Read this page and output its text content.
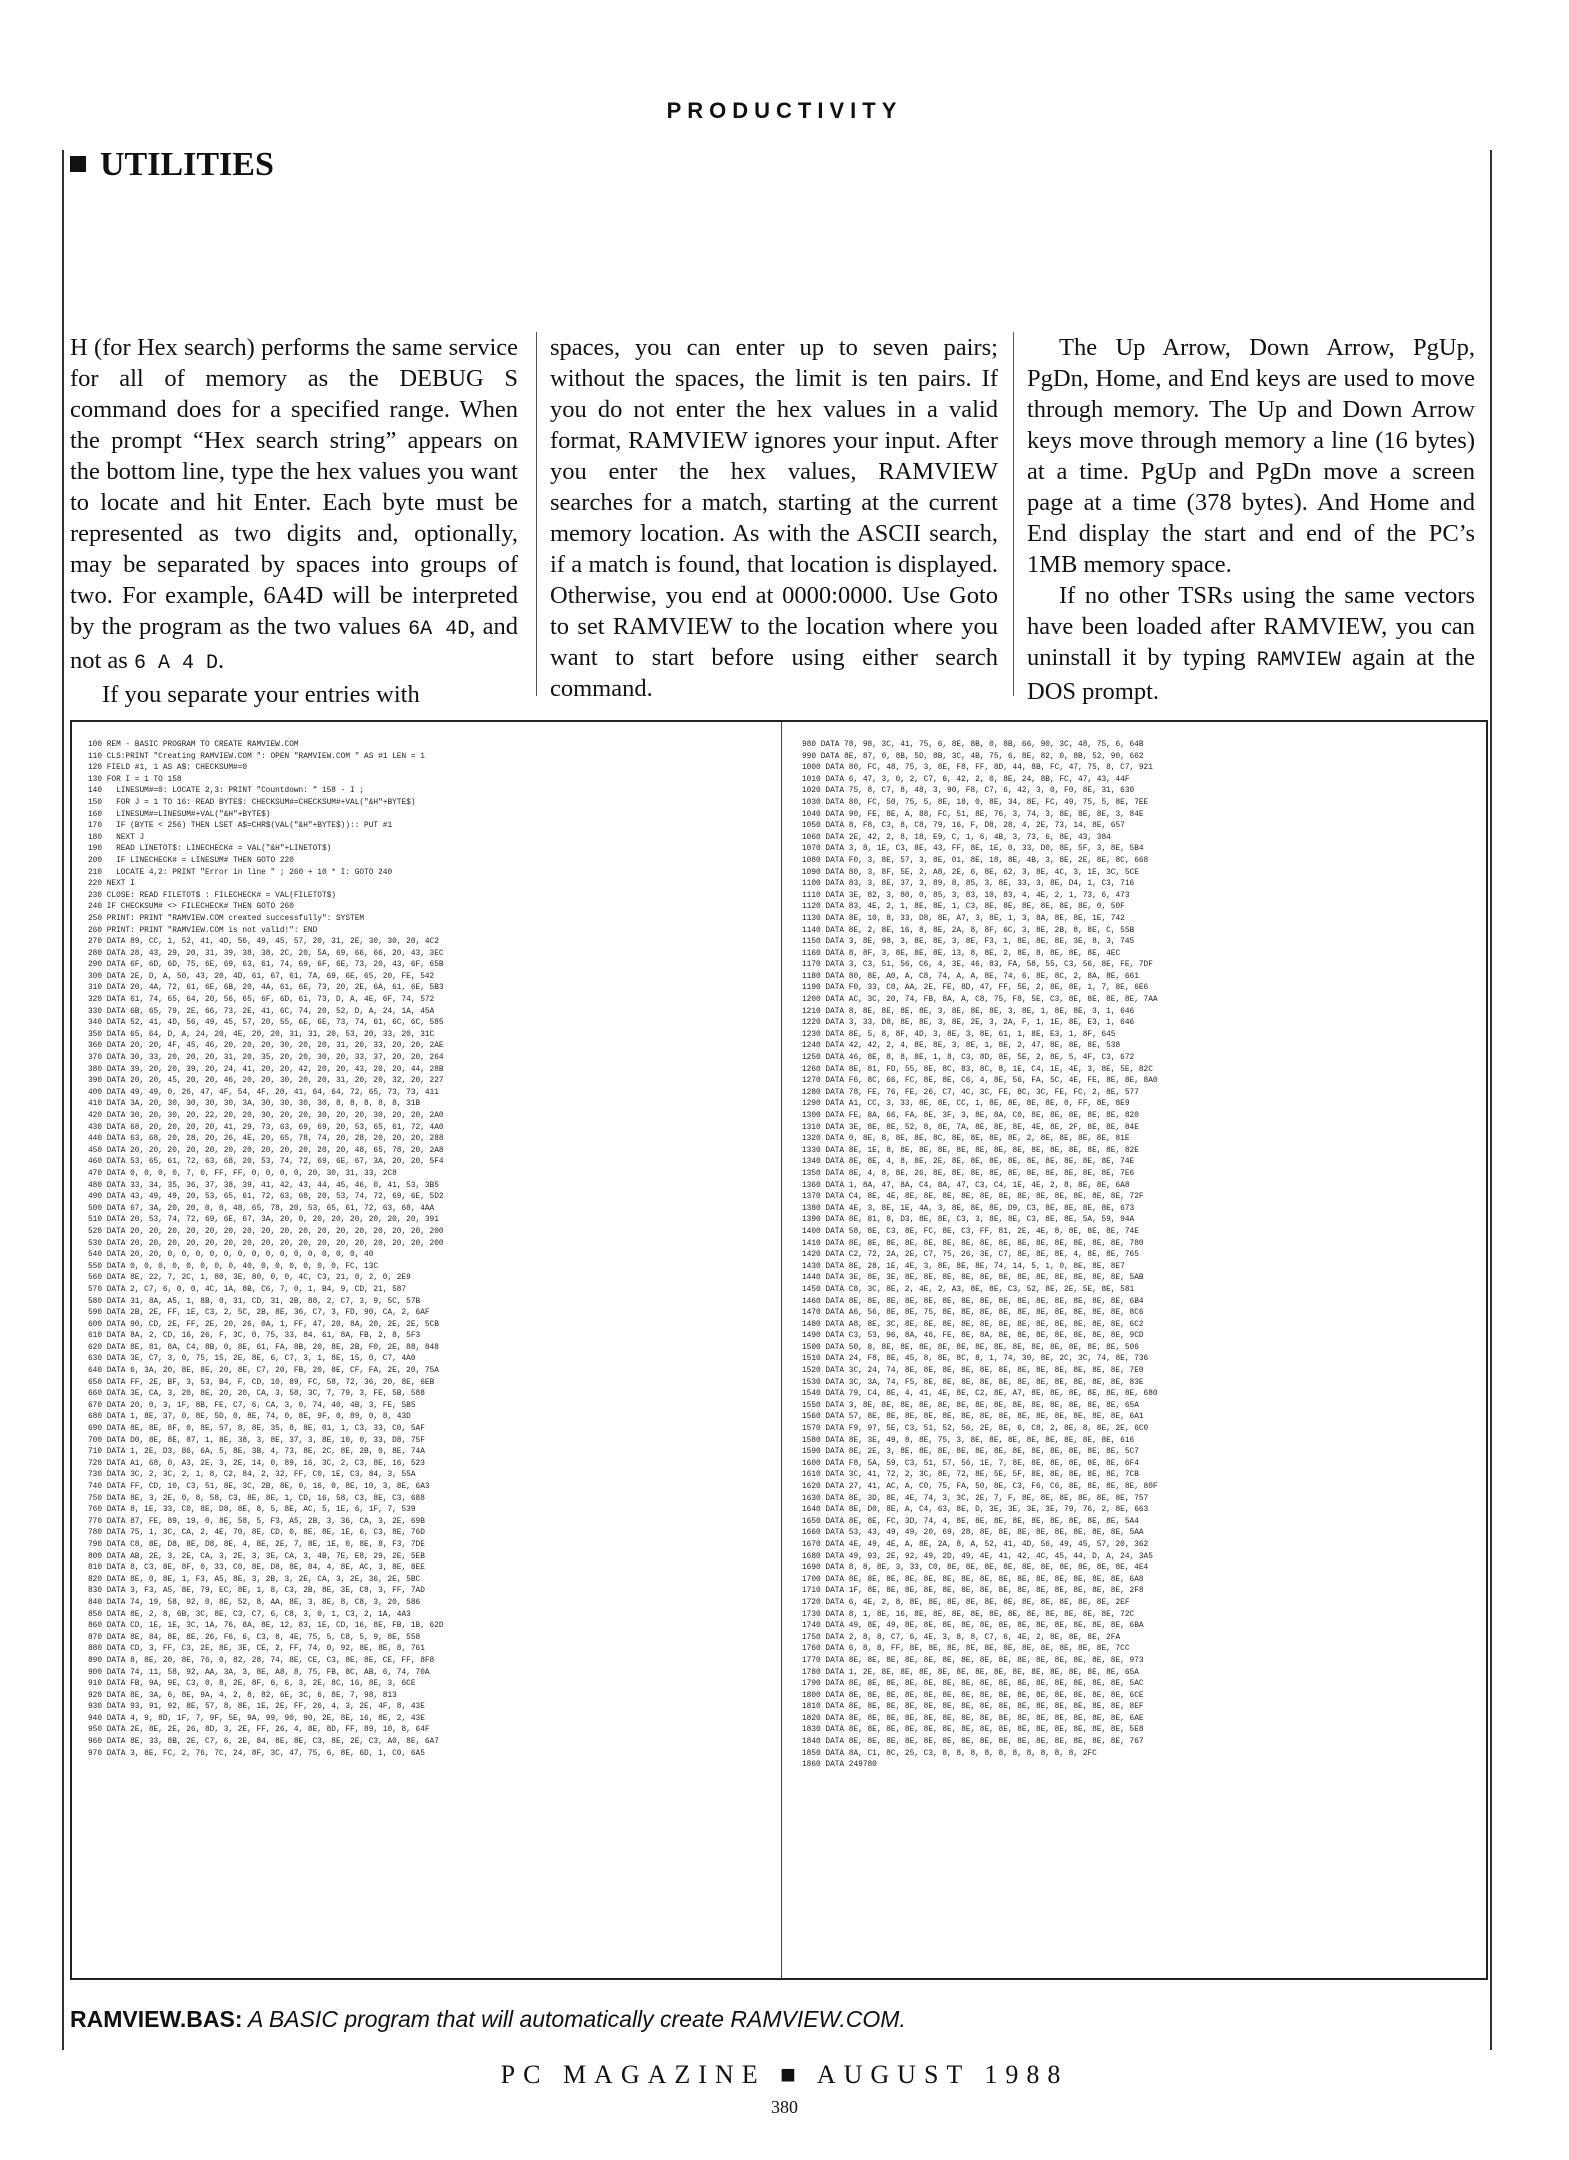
PRODUCTIVITY
UTILITIES

H (for Hex search) performs the same service for all of memory as the DEBUG S command does for a specified range. When the prompt “Hex search string” appears on the bottom line, type the hex values you want to locate and hit Enter. Each byte must be represented as two digits and, optionally, may be separated by spaces into groups of two. For example, 6A4D will be interpreted by the program as the two values 6A 4D, and not as 6 A 4 D.

If you separate your entries with

spaces, you can enter up to seven pairs; without the spaces, the limit is ten pairs. If you do not enter the hex values in a valid format, RAMVIEW ignores your input. After you enter the hex values, RAMVIEW searches for a match, starting at the current memory location. As with the ASCII search, if a match is found, that location is displayed. Otherwise, you end at 0000:0000. Use Goto to set RAMVIEW to the location where you want to start before using either search command.

The Up Arrow, Down Arrow, PgUp, PgDn, Home, and End keys are used to move through memory. The Up and Down Arrow keys move through memory a line (16 bytes) at a time. PgUp and PgDn move a screen page at a time (378 bytes). And Home and End display the start and end of the PC’s 1MB memory space.

If no other TSRs using the same vectors have been loaded after RAMVIEW, you can uninstall it by typing RAMVIEW again at the DOS prompt.

100 REM - BASIC PROGRAM TO CREATE RAMVIEW.COM
110 CLS:PRINT "Creating RAMVIEW.COM ": OPEN "RAMVIEW.COM " AS #1 LEN = 1
120 FIELD #1, 1 AS A$: CHECKSUM#=0
130 FOR I = 1 TO 158
140   LINESUM#=0: LOCATE 2,3: PRINT "Countdown: " 158 - I ;
150   FOR J = 1 TO 16: READ BYTE$: CHECKSUM#=CHECKSUM#+VAL("&H"+BYTE$)
160   LINESUM#=LINESUM#+VAL("&H"+BYTE$)
170   IF (BYTE < 256) THEN LSET A$=CHR$(VAL("&H"+BYTE$)):: PUT #1
180   NEXT J
190   READ LINETOT$: LINECHECK# = VAL("&H"+LINETOT$)
200   IF LINECHECK# = LINESUM# THEN GOTO 220
210   LOCATE 4,2: PRINT "Error in line " ; 260 + 10 * I: GOTO 240
220 NEXT I
230 CLOSE: READ FILETOT$ : FILECHECK# = VAL(FILETOT$)
240 IF CHECKSUM# <> FILECHECK# THEN GOTO 260
250 PRINT: PRINT "RAMVIEW.COM created successfully": SYSTEM
260 PRINT: PRINT "RAMVIEW.COM is not valid!": END
270 DATA 89, CC, 1, 52, 41, 4D, 56, 49, 45, 57, 20, 31, 2E, 30, 30, 20, 4C2
280 DATA 28, 43, 29, 20, 31, 39, 38, 38, 2C, 20, 5A, 69, 66, 66, 20, 43, 3EC
290 DATA 6F, 6D, 6D, 75, 6E, 69, 63, 61, 74, 69, 6F, 6E, 73, 20, 43, 6F, 65B
300 DATA 2E, D, A, 50, 43, 20, 4D, 61, 67, 61, 7A, 69, 6E, 65, 20, FE, 542
310 DATA 20, 4A, 72, 61, 6E, 6B, 20, 4A, 61, 6E, 73, 20, 2E, 6A, 61, 6E, 5B3
320 DATA 61, 74, 65, 64, 20, 56, 65, 6F, 6D, 61, 73, D, A, 4E, 6F, 74, 572
330 DATA 6B, 65, 79, 2E, 66, 73, 2E, 41, 6C, 74, 20, 52, D, A, 24, 1A, 45A
340 DATA 52, 41, 4D, 56, 49, 45, 57, 20, 55, 6E, 6E, 73, 74, 61, 6C, 6C, 585
350 DATA 65, 64, D, A, 24, 20, 4E, 20, 20, 31, 31, 20, 53, 20, 33, 20, 31C
360 DATA 20, 20, 4F, 45, 46, 20, 20, 20, 30, 20, 20, 31, 20, 33, 20, 20, 2AE
370 DATA 30, 33, 20, 20, 20, 31, 20, 35, 20, 20, 30, 20, 33, 37, 20, 20, 264
380 DATA 39, 20, 20, 39, 20, 24, 41, 20, 20, 42, 20, 20, 43, 20, 20, 44, 28B
390 DATA 20, 20, 45, 20, 20, 46, 20, 20, 30, 20, 20, 31, 20, 20, 32, 20, 227
400 DATA 49, 49, 0, 26, 47, 4F, 54, 4F, 20, 41, 64, 64, 72, 65, 73, 73, 411
410 DATA 3A, 20, 30, 30, 30, 30, 3A, 30, 30, 30, 30, 8, 8, 8, 8, 8, 31B
420 DATA 30, 20, 30, 20, 22, 20, 20, 30, 20, 20, 30, 20, 20, 30, 20, 20, 2A0
430 DATA 68, 20, 20, 20, 20, 41, 29, 73, 63, 69, 69, 20, 53, 65, 61, 72, 4A0
440 DATA 63, 68, 20, 28, 20, 26, 4E, 20, 65, 78, 74, 20, 28, 20, 20, 20, 288
450 DATA 20, 20, 20, 20, 20, 20, 20, 20, 20, 20, 20, 20, 48, 65, 78, 20, 2A8
460 DATA 53, 65, 61, 72, 63, 68, 20, 53, 74, 72, 69, 6E, 67, 3A, 20, 20, 5F4
470 DATA 0, 0, 0, 0, 7, 0, FF, FF, 0, 0, 0, 0, 20, 30, 31, 33, 2C8
480 DATA 33, 34, 35, 36, 37, 38, 39, 41, 42, 43, 44, 45, 46, 0, 41, 53, 3B5
490 DATA 43, 49, 49, 20, 53, 65, 61, 72, 63, 68, 20, 53, 74, 72, 69, 6E, 5D2
500 DATA 67, 3A, 20, 20, 0, 0, 48, 65, 78, 20, 53, 65, 61, 72, 63, 68, 4AA
510 DATA 20, 53, 74, 72, 69, 6E, 67, 3A, 20, 0, 20, 20, 20, 20, 20, 20, 391
520 DATA 20, 20, 20, 20, 20, 20, 20, 20, 20, 20, 20, 20, 20, 20, 20, 20, 200
530 DATA 20, 20, 20, 20, 20, 20, 20, 20, 20, 20, 20, 20, 20, 20, 20, 20, 200
540 DATA 20, 20, 0, 0, 0, 0, 0, 0, 0, 0, 0, 0, 0, 0, 0, 0, 40
550 DATA 0, 0, 0, 0, 0, 0, 0, 0, 40, 0, 0, 0, 0, 0, 0, FC, 13C
560 DATA 8E, 22, 7, 2C, 1, 80, 3E, 80, 0, 0, 4C, C3, 21, 0, 2, 0, 2E9
570 DATA 2, C7, 6, 0, 0, 4C, 1A, 8B, C6, 7, 0, 1, B4, 9, CD, 21, 587
580 DATA 31, 8A, A5, 1, 8B, 0, 31, CD, 31, 2B, 88, 2, C7, 3, 9, 5C, 57B
590 DATA 2B, 2E, FF, 1E, C3, 2, 5C, 2B, 8E, 36, C7, 3, FD, 90, CA, 2, 6AF
600 DATA 90, CD, 2E, FF, 2E, 20, 26, 0A, 1, FF, 47, 20, 8A, 20, 2E, 2E, 5CB
610 DATA 8A, 2, CD, 16, 26, F, 3C, 0, 75, 33, 84, 61, 8A, FB, 2, 8, 5F3
620 DATA 8E, 81, 8A, C4, 8B, 0, 8E, 61, FA, 8B, 20, 8E, 2B, F0, 2E, 88, 848
630 DATA 3E, C7, 3, 0, 75, 15, 2E, 8E, 6, C7, 3, 1, 8E, 15, 0, C7, 4A0
640 DATA 6, 3A, 20, 8E, 8E, 20, 8E, C7, 20, FB, 20, 8E, CF, FA, 2E, 20, 75A
650 DATA FF, 2E, BF, 3, 53, B4, F, CD, 10, 89, FC, 58, 72, 36, 20, 8E, 6EB
660 DATA 3E, CA, 3, 20, 8E, 20, 20, CA, 3, 58, 3C, 7, 79, 3, FE, 5B, 588
670 DATA 20, 0, 3, 1F, 8B, FE, C7, 6, CA, 3, 0, 74, 40, 4B, 3, FE, 5B5
680 DATA 1, 8E, 37, 0, 8E, 5D, 0, 8E, 74, 0, 8E, 9F, 0, 89, 0, 8, 43D
690 DATA 8E, 8E, 8F, 0, 8E, 57, 8, 8E, 35, 8, 8E, 01, 1, C3, 33, C0, 5AF
700 DATA D0, 8E, 8E, 87, 1, 8E, 38, 3, 8E, 37, 3, 8E, 10, 0, 33, D8, 75F
710 DATA 1, 2E, D3, 86, 6A, 5, 8E, 3B, 4, 73, 8E, 2C, 8E, 2B, 0, 8E, 74A
720 DATA A1, 68, 0, A3, 2E, 3, 2E, 14, 0, 89, 16, 3C, 2, C3, 8E, 16, 523
730 DATA 3C, 2, 3C, 2, 1, 8, C2, 84, 2, 32, FF, C0, 1E, C3, 84, 3, 55A
740 DATA FF, CD, 10, C3, 51, 8E, 3C, 2B, 8E, 0, 16, 0, 8E, 10, 3, 8E, 6A3
750 DATA 8E, 3, 2E, 0, 8, 58, C3, 8E, 8E, 1, CD, 16, 58, C3, 8E, C3, 688
760 DATA 8, 1E, 33, C0, 8E, D8, 8E, 8, 5, 8E, AC, 5, 1E, 6, 1F, 7, 539
770 DATA 87, FE, 89, 19, 0, 8E, 58, 5, F3, A5, 2B, 3, 36, CA, 3, 2E, 69B
780 DATA 75, 1, 3C, CA, 2, 4E, 70, 8E, CD, 0, 8E, 8E, 1E, 6, C3, 8E, 76D
790 DATA C8, 8E, D8, 8E, D8, 8E, 4, 8E, 2E, 7, 8E, 1E, 0, 8E, 8, F3, 7DE
800 DATA AB, 2E, 3, 2E, CA, 3, 2E, 3, 3E, CA, 3, 4B, 7E, E8, 29, 2E, 5EB
810 DATA 8, C3, 8E, 8F, 0, 33, C0, 8E, D8, 8E, 84, 4, 8E, AC, 3, 8E, 8EE
820 DATA 8E, 0, 8E, 1, F3, A5, 8E, 3, 2B, 3, 2E, CA, 3, 2E, 36, 2E, 5BC
830 DATA 3, F3, A5, 8E, 79, EC, 8E, 1, 8, C3, 2B, 8E, 3E, C8, 3, FF, 7AD
840 DATA 74, 19, 58, 92, 0, 8E, 52, 8, AA, 8E, 3, 8E, 8, C8, 3, 20, 586
850 DATA 8E, 2, 8, 6B, 3C, 8E, C3, C7, 6, C8, 3, 0, 1, C3, 2, 1A, 4A3
860 DATA CD, 1E, 1E, 3C, 1A, 76, 8A, 8E, 12, 83, 1E, CD, 16, 8E, FB, 1B, 62D
870 DATA 8E, 84, 8E, 8E, 26, F6, 6, C3, 8, 4E, 75, 5, C8, 5, 9, 8E, 558
880 DATA CD, 3, FF, C3, 2E, 8E, 3E, CE, 2, FF, 74, 0, 92, 8E, 8E, 8, 761
890 DATA 8, 8E, 20, 8E, 76, 0, 82, 28, 74, 8E, CE, C3, 8E, 8E, CE, FF, 8F8
900 DATA 74, 11, 58, 92, AA, 3A, 3, 8E, A8, 8, 75, FB, 8C, AB, 6, 74, 70A
910 DATA FB, 9A, 9E, C3, 0, 8, 2E, 8F, 6, 6, 3, 2E, 8C, 16, 8E, 3, 6CE
920 DATA 8E, 3A, 6, 8E, 9A, 4, 2, 8, 82, 6E, 3C, 6, 8E, 7, 98, 813
930 DATA 93, 91, 92, 8E, 57, 8, 8E, 1E, 2E, FF, 26, 4, 3, 2E, 4F, 8, 43E
940 DATA 4, 9, 8D, 1F, 7, 9F, 5E, 9A, 99, 90, 90, 2E, 8E, 16, 8E, 2, 43E
950 DATA 2E, 8E, 2E, 26, 8D, 3, 2E, FF, 26, 4, 8E, 8D, FF, 89, 10, 8, 64F
960 DATA 8E, 33, 8B, 2E, C7, 6, 2E, 84, 8E, 8E, C3, 8E, 2E, C3, A0, 8E, 6A7
970 DATA 3, 8E, FC, 2, 76, 7C, 24, 8F, 3C, 47, 75, 6, 8E, 6D, 1, C0, 6A5
980 DATA 78, 98, 3C, 41, 75, 6, 8E, 8B, 0, 8B, 66, 90, 3C, 48, 75, 6, 64B
990 DATA 8E, 87, 0, 8B, 5D, 8B, 3C, 4B, 75, 6, 8E, 82, 0, 8B, 52, 90, 662
1000 DATA 80, FC, 48, 75, 3, 8E, F8, FF, 8D, 44, 8B, FC, 47, 75, 8, C7, 921
1010 DATA 6, 47, 3, 0, 2, C7, 6, 42, 2, 0, 8E, 24, 8B, FC, 47, 43, 44F
1020 DATA 75, 8, C7, 8, 48, 3, 90, F8, C7, 6, 42, 3, 0, F0, 8E, 31, 630
1030 DATA 80, FC, 50, 75, 5, 8E, 18, 0, 8E, 34, 8E, FC, 49, 75, 5, 8E, 7EE
1040 DATA 90, FE, 8E, A, 88, FC, 51, 8E, 76, 3, 74, 3, 8E, 8E, 8E, 3, 84E
1050 DATA 8, F8, C3, 8, C8, 79, 16, F, D8, 28, 4, 2E, 73, 14, 8E, 657
1060 DATA 2E, 42, 2, 8, 18, E9, C, 1, 6, 4B, 3, 73, 6, 8E, 43, 384
1070 DATA 3, 8, 1E, C3, 8E, 43, FF, 8E, 1E, 0, 33, D0, 8E, 5F, 3, 8E, 5B4
1080 DATA F0, 3, 8E, 57, 3, 8E, 01, 8E, 18, 8E, 4B, 3, 8E, 2E, 8E, 8C, 668
1090 DATA 80, 3, 8F, 5E, 2, A8, 2E, 6, 8E, 62, 3, 8E, 4C, 3, 1E, 3C, 5CE
1100 DATA 83, 3, 8E, 37, 3, 89, 8, 85, 3, 8E, 33, 3, 8E, D4, 1, C3, 716
1110 DATA 3E, 82, 3, 80, 0, 85, 3, 83, 10, 83, 4, 4E, 2, 1, 73, 6, 473
1120 DATA 83, 4E, 2, 1, 8E, 8E, 1, C3, 8E, 8E, 8E, 8E, 8E, 8E, 0, 50F
1130 DATA 8E, 10, 8, 33, D8, 8E, A7, 3, 8E, 1, 3, 8A, 8E, 8E, 1E, 742
1140 DATA 8E, 2, 8E, 16, 8, 8E, 2A, 8, 8F, 6C, 3, 8E, 2B, 8, 8E, C, 55B
1150 DATA 3, 8E, 98, 3, 8E, 8E, 3, 8E, F3, 1, 8E, 8E, 8E, 3E, 8, 3, 745
1160 DATA 8, 8F, 3, 8E, 8E, 8E, 13, 8, 8E, 2, 8E, 8, 8E, 8E, 8E, 4EC
1170 DATA 3, C3, 51, 56, C6, 4, 3E, 46, 83, FA, 58, 55, C3, 56, 8E, FE, 7DF
1180 DATA 80, 8E, A0, A, C8, 74, A, A, 8E, 74, 6, 8E, 8C, 2, 8A, 8E, 661
1190 DATA F0, 33, C0, AA, 2E, FE, 8D, 47, FF, 5E, 2, 8E, 8E, 1, 7, 8E, 6E6
1200 DATA AC, 3C, 20, 74, FB, 8A, A, C8, 75, F8, 5E, C3, 8E, 8E, 8E, 8E, 7AA
1210 DATA 8, 8E, 8E, 8E, 8E, 3, 8E, 8E, 8E, 3, 8E, 1, 8E, 8E, 3, 1, 646
1220 DATA 3, 33, D8, 8E, 8E, 3, 8E, 2E, 3, 2A, F, 1, 1E, 8E, E3, 1, 646
1230 DATA 8E, 5, 8, 8F, 4D, 3, 8E, 3, 8E, 61, 1, 8E, E3, 1, 8F, 645
1240 DATA 42, 42, 2, 4, 8E, 8E, 3, 8E, 1, 8E, 2, 47, 8E, 8E, 8E, 538
1250 DATA 46, 8E, 8, 8, 8E, 1, 8, C3, 8D, 8E, 5E, 2, 8E, 5, 4F, C3, 672
1260 DATA 8E, 81, FD, 55, 8E, 8C, 83, 8C, 8, 1E, C4, 1E, 4E, 3, 8E, 5E, 82C
1270 DATA F6, 8C, 66, FC, 8E, 8E, C6, 4, 8E, 56, FA, 5C, 4E, FE, 8E, 8E, 8A0
1280 DATA 78, FE, 76, FE, 26, C7, 4C, 3C, FE, 8C, 3C, FE, FC, 2, 8E, 577
1290 DATA A1, CC, 3, 33, 8E, 8E, CC, 1, 8E, 8E, 8E, 8E, 0, FF, 8E, 8E9
1300 DATA FE, 8A, 66, FA, 8E, 3F, 3, 8E, 8A, C0, 8E, 8E, 8E, 8E, 8E, 820
1310 DATA 3E, 8E, 8E, 52, 8, 8E, 7A, 8E, 8E, 8E, 4E, 8E, 2F, 8E, 8E, 84E
1320 DATA 0, 8E, 8, 8E, 8E, 8C, 8E, 8E, 8E, 8E, 2, 8E, 8E, 8E, 8E, 81E
1330 DATA 8E, 1E, 8, 8E, 8E, 8E, 8E, 8E, 8E, 8E, 8E, 8E, 8E, 8E, 8E, 82E
1340 DATA 8E, 8E, 4, 8, 8E, 2E, 8E, 8E, 8E, 8E, 8E, 8E, 8E, 8E, 8E, 74E
1350 DATA 8E, 4, 8, 8E, 26, 8E, 8E, 8E, 8E, 8E, 8E, 8E, 8E, 8E, 8E, 7E6
1360 DATA 1, 8A, 47, 8A, C4, 8A, 47, C3, C4, 1E, 4E, 2, 8, 8E, 8E, 6A8
1370 DATA C4, 8E, 4E, 8E, 8E, 8E, 8E, 8E, 8E, 8E, 8E, 8E, 8E, 8E, 8E, 72F
1380 DATA 4E, 3, 8E, 1E, 4A, 3, 8E, 8E, 8E, D9, C3, 8E, 8E, 8E, 8E, 673
1390 DATA 8E, 81, 8, D3, 8E, 8E, C3, 3, 8E, 8E, C3, 8E, 8E, 5A, 59, 94A
1400 DATA 58, 8E, C3, 8E, FC, 8E, C3, FF, 81, 2E, 4E, 8, 8E, 8E, 8E, 74E
1410 DATA 8E, 8E, 8E, 8E, 8E, 8E, 8E, 8E, 8E, 8E, 8E, 8E, 8E, 8E, 8E, 780
1420 DATA C2, 72, 2A, 2E, C7, 75, 26, 3E, C7, 8E, 8E, 8E, 4, 8E, 8E, 765
1430 DATA 8E, 28, 1E, 4E, 3, 8E, 8E, 8E, 74, 14, 5, 1, 0, 8E, 8E, 8E7
1440 DATA 3E, 8E, 3E, 8E, 8E, 8E, 8E, 8E, 8E, 8E, 8E, 8E, 8E, 8E, 8E, 5AB
1450 DATA C8, 3C, 8E, 2, 4E, 2, A3, 8E, 8E, C3, 52, 8E, 2E, 5E, 8E, 581
1460 DATA 8E, 8E, 8E, 8E, 8E, 8E, 8E, 8E, 8E, 8E, 8E, 8E, 8E, 8E, 8E, 6B4
1470 DATA A6, 56, 8E, 8E, 75, 8E, 8E, 8E, 8E, 8E, 8E, 8E, 8E, 8E, 8E, 8C6
1480 DATA A8, 8E, 3C, 8E, 8E, 8E, 8E, 8E, 8E, 8E, 8E, 8E, 8E, 8E, 8E, 6C2
1490 DATA C3, 53, 96, 8A, 46, FE, 8E, 8A, 8E, 8E, 8E, 8E, 8E, 8E, 8E, 9CD
1500 DATA 50, 8, 8E, 8E, 8E, 8E, 8E, 8E, 8E, 8E, 8E, 8E, 8E, 8E, 8E, 506
1510 DATA 24, F8, 8E, 45, 8, 8E, 8C, 8, 1, 74, 30, 8E, 2C, 3C, 74, 8E, 736
1520 DATA 3C, 24, 74, 8E, 8E, 8E, 8E, 8E, 8E, 8E, 8E, 8E, 8E, 8E, 8E, 7E0
1530 DATA 3C, 3A, 74, F5, 8E, 8E, 8E, 8E, 8E, 8E, 8E, 8E, 8E, 8E, 8E, 83E
1540 DATA 79, C4, 8E, 4, 41, 4E, 8E, C2, 8E, A7, 8E, 8E, 8E, 8E, 8E, 8E, 680
1550 DATA 3, 8E, 8E, 8E, 8E, 8E, 8E, 8E, 8E, 8E, 8E, 8E, 8E, 8E, 8E, 65A
1560 DATA 57, 8E, 8E, 8E, 8E, 8E, 8E, 8E, 8E, 8E, 8E, 8E, 8E, 8E, 8E, 6A1
1570 DATA F9, 97, 5E, C3, 51, 52, 56, 2E, 8E, 6, C8, 2, 8E, 8, 8E, 2E, 6C0
1580 DATA 8E, 3E, 49, 8, 8E, 75, 3, 8E, 8E, 8E, 8E, 8E, 8E, 8E, 8E, 616
1590 DATA 8E, 2E, 3, 8E, 8E, 8E, 8E, 8E, 8E, 8E, 8E, 8E, 8E, 8E, 8E, 5C7
1600 DATA F8, 5A, 59, C3, 51, 57, 56, 1E, 7, 8E, 8E, 8E, 8E, 8E, 8E, 6F4
1610 DATA 3C, 41, 72, 2, 3C, 8E, 72, 8E, 5E, 5F, 8E, 8E, 8E, 8E, 8E, 7CB
1620 DATA 27, 41, AC, A, C0, 75, FA, 50, 8E, C3, F6, C6, 8E, 8E, 8E, 8E, 80F
1630 DATA 8E, 3D, 8E, 4E, 74, 3, 3C, 2E, 7, F, 8E, 8E, 8E, 8E, 8E, 8E, 757
1640 DATA 8E, D0, 8E, A, C4, 63, 8E, D, 3E, 3E, 3E, 3E, 79, 76, 2, 8E, 663
1650 DATA 8E, 8E, FC, 3D, 74, 4, 8E, 8E, 8E, 8E, 8E, 8E, 8E, 8E, 8E, 5A4
1660 DATA 53, 43, 49, 49, 20, 69, 28, 8E, 8E, 8E, 8E, 8E, 8E, 8E, 8E, 5AA
1670 DATA 4E, 49, 4E, A, 8E, 2A, 8, A, 52, 41, 4D, 56, 49, 45, 57, 20, 362
1680 DATA 49, 93, 2E, 92, 49, 2D, 49, 4E, 41, 42, 4C, 45, 44, D, A, 24, 3A5
1690 DATA 8, 8, 8E, 3, 33, C0, 8E, 8E, 8E, 8E, 8E, 8E, 8E, 8E, 8E, 8E, 4E4
1700 DATA 8E, 8E, 8E, 8E, 8E, 8E, 8E, 8E, 8E, 8E, 8E, 8E, 8E, 8E, 8E, 6A8
1710 DATA 1F, 8E, 8E, 8E, 8E, 8E, 8E, 8E, 8E, 8E, 8E, 8E, 8E, 8E, 8E, 2F8
1720 DATA 6, 4E, 2, 8, 8E, 8E, 8E, 8E, 8E, 8E, 8E, 8E, 8E, 8E, 8E, 2EF
1730 DATA 8, 1, 8E, 16, 8E, 8E, 8E, 8E, 8E, 8E, 8E, 8E, 8E, 8E, 8E, 72C
1740 DATA 49, 8E, 49, 8E, 8E, 8E, 8E, 8E, 8E, 8E, 8E, 8E, 8E, 8E, 8E, 6BA
1750 DATA 2, 8, 8, C7, 6, 4E, 3, 8, 8, C7, 6, 4E, 2, 8E, 8E, 8E, 2FA
1760 DATA 6, 8, 8, FF, 8E, 8E, 8E, 8E, 8E, 8E, 8E, 8E, 8E, 8E, 8E, 7CC
1770 DATA 8E, 8E, 8E, 8E, 8E, 8E, 8E, 8E, 8E, 8E, 8E, 8E, 8E, 8E, 8E, 973
1780 DATA 1, 2E, 8E, 8E, 8E, 8E, 8E, 8E, 8E, 8E, 8E, 8E, 8E, 8E, 8E, 65A
1790 DATA 8E, 8E, 8E, 8E, 8E, 8E, 8E, 8E, 8E, 8E, 8E, 8E, 8E, 8E, 8E, 5AC
1800 DATA 8E, 8E, 8E, 8E, 8E, 8E, 8E, 8E, 8E, 8E, 8E, 8E, 8E, 8E, 8E, 6CE
1810 DATA 8E, 8E, 8E, 8E, 8E, 8E, 8E, 8E, 8E, 8E, 8E, 8E, 8E, 8E, 8E, 8EF
1820 DATA 8E, 8E, 8E, 8E, 8E, 8E, 8E, 8E, 8E, 8E, 8E, 8E, 8E, 8E, 8E, 6AE
1830 DATA 8E, 8E, 8E, 8E, 8E, 8E, 8E, 8E, 8E, 8E, 8E, 8E, 8E, 8E, 8E, 5E8
1840 DATA 8E, 8E, 8E, 8E, 8E, 8E, 8E, 8E, 8E, 8E, 8E, 8E, 8E, 8E, 8E, 767
1850 DATA 8A, C1, 8C, 25, C3, 8, 8, 8, 8, 8, 8, 8, 8, 8, 8, 2FC
1860 DATA 249780
RAMVIEW.BAS: A BASIC program that will automatically create RAMVIEW.COM.
PC MAGAZINE ■ AUGUST 1988
380
